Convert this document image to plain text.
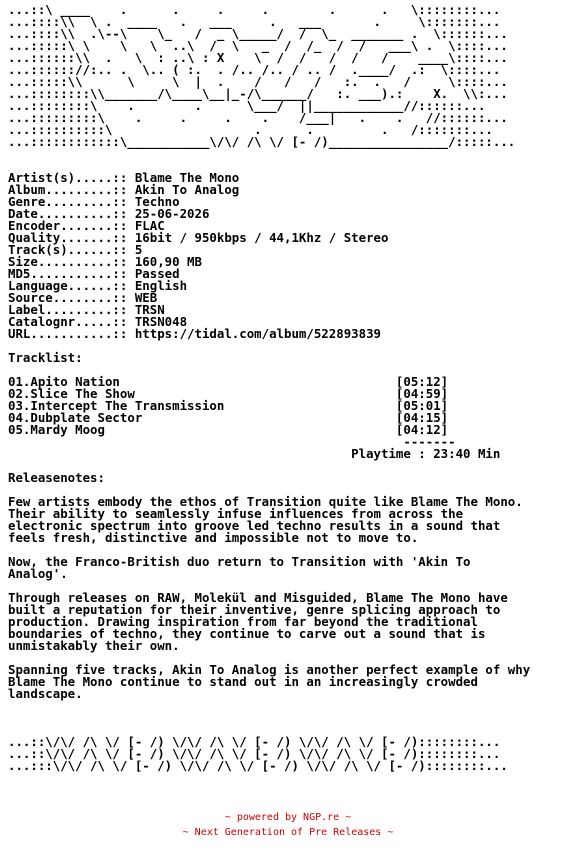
...::\ ____    .      .     .     .        .      .   \::::::::...
...::::\\  \ .  ____   .   ___     .   ___       .     \:::::::...
...::::\\  .\--\    \_   /  _ \_____/  /  \_  _______ .  \::::::...
...:::::\ \    \   \  ..\  /  \   _  /  /_  /  /   ___\ .  \::::...
...::::::\\  .   \  : ..\ : X    \  /  /   /  /   /    ____\::::...
...:::::://:.. .  \.. ( :.  . /.. /.. / .. /  .____/  .:  \::::...
...:::::\\      \     \  |  .    /   /   /   :.  .   /     \::::...
...::::::::\\_______/\____\__|_-/\______/   :. ___).:    X.  \\:...
...::::::::\    .        .      \___/  ||____________//::::::...
...:::::::::\    .     .     .    .    /___|   .    .   //::::::...
...::::::::::\                   .      .         .   /:::::::...
...::::::::::::\___________\/\/ /\ \/ [- /)________________/:::::...

Artist(s).....:: Blame The Mono
Album.........:: Akin To Analog
Genre.........:: Techno
Date..........:: 25-06-2026
Encoder.......:: FLAC
Quality.......:: 16bit / 950kbps / 44,1Khz / Stereo
Track(s)......:: 5
Size..........:: 160,90 MB
MD5...........:: Passed
Language......:: English
Source........:: WEB
Label.........:: TRSN
Catalognr.....:: TRSN048
URL...........:: https://tidal.com/album/522893839

Tracklist:

01.Apito Nation                                     [05:12]
02.Slice The Show                                   [04:59]
03.Intercept The Transmission                       [05:01]
04.Dubplate Sector                                  [04:15]
05.Mardy Moog                                       [04:12]
-------
Playtime : 23:40 Min

Releasenotes:

Few artists embody the ethos of Transition quite like Blame The Mono.
Their ability to seamlessly infuse influences from across the
electronic spectrum into groove led techno results in a sound that
feels fresh, distinctive and impossible not to move to.

Now, the Franco-British duo return to Transition with 'Akin To
Analog'.

Through releases on RAW, Molekül and Misguided, Blame The Mono have
built a reputation for their inventive, genre splicing approach to
production. Drawing inspiration from far beyond the traditional
boundaries of techno, they continue to carve out a sound that is
unmistakably their own.

Spanning five tracks, Akin To Analog is another perfect example of why
Blame The Mono continue to stand out in an increasingly crowded
landscape.

...::\/\/ /\ \/ [- /) \/\/ /\ \/ [- /) \/\/ /\ \/ [- /)::::::::...
...::\/\/ /\ \/ [- /) \/\/ /\ \/ [- /) \/\/ /\ \/ [- /)::::::::...
...:::\/\/ /\ \/ [- /) \/\/ /\ \/ [- /) \/\/ /\ \/ [- /)::::::::...

~ powered by NGP.re ~
~ Next Generation of Pre Releases ~
